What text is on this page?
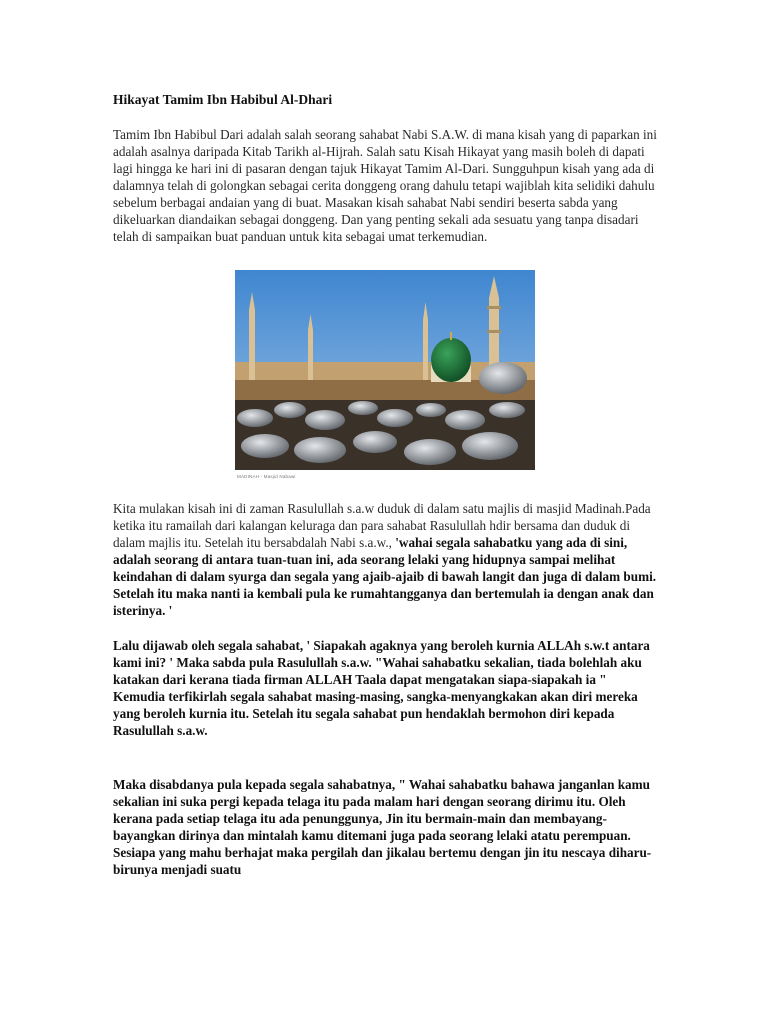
Hikayat Tamim Ibn Habibul Al-Dhari

Tamim Ibn Habibul Dari adalah salah seorang sahabat Nabi S.A.W. di mana kisah yang di paparkan ini adalah asalnya daripada Kitab Tarikh al-Hijrah. Salah satu Kisah Hikayat yang masih boleh di dapati lagi hingga ke hari ini di pasaran dengan tajuk Hikayat Tamim Al-Dari. Sungguhpun kisah yang ada di dalamnya telah di golongkan sebagai cerita donggeng orang dahulu tetapi wajiblah kita selidiki dahulu sebelum berbagai andaian yang di buat. Masakan kisah sahabat Nabi sendiri beserta sabda yang dikeluarkan diandaikan sebagai donggeng. Dan yang penting sekali ada sesuatu yang tanpa disadari telah di sampaikan buat panduan untuk kita sebagai umat terkemudian.

MADINAH - Masjid Nabawi

Kita mulakan kisah ini di zaman Rasulullah s.a.w duduk di dalam satu majlis di masjid Madinah.Pada ketika itu ramailah dari kalangan keluraga dan para sahabat Rasulullah hdir bersama dan duduk di dalam majlis itu. Setelah itu bersabdalah Nabi s.a.w., 'wahai segala sahabatku yang ada di sini, adalah seorang di antara tuan-tuan ini, ada seorang lelaki yang hidupnya sampai melihat keindahan di dalam syurga dan segala yang ajaib-ajaib di bawah langit dan juga di dalam bumi. Setelah itu maka nanti ia kembali pula ke rumahtangganya dan bertemulah ia dengan anak dan isterinya. '

Lalu dijawab oleh segala sahabat, ' Siapakah agaknya yang beroleh kurnia ALLAh s.w.t antara kami ini? ' Maka sabda pula Rasulullah s.a.w. "Wahai sahabatku sekalian, tiada bolehlah aku katakan dari kerana tiada firman ALLAH Taala dapat mengatakan siapa-siapakah ia " Kemudia terfikirlah segala sahabat masing-masing, sangka-menyangkakan akan diri mereka yang beroleh kurnia itu. Setelah itu segala sahabat pun hendaklah bermohon diri kepada Rasulullah s.a.w.

Maka disabdanya pula kepada segala sahabatnya, " Wahai sahabatku bahawa janganlan kamu sekalian ini suka pergi kepada telaga itu pada malam hari dengan seorang dirimu itu. Oleh kerana pada setiap telaga itu ada penunggunya, Jin itu bermain-main dan membayang-bayangkan dirinya dan mintalah kamu ditemani juga pada seorang lelaki atatu perempuan. Sesiapa yang mahu berhajat maka pergilah dan jikalau bertemu dengan jin itu nescaya diharu-birunya menjadi suatu
